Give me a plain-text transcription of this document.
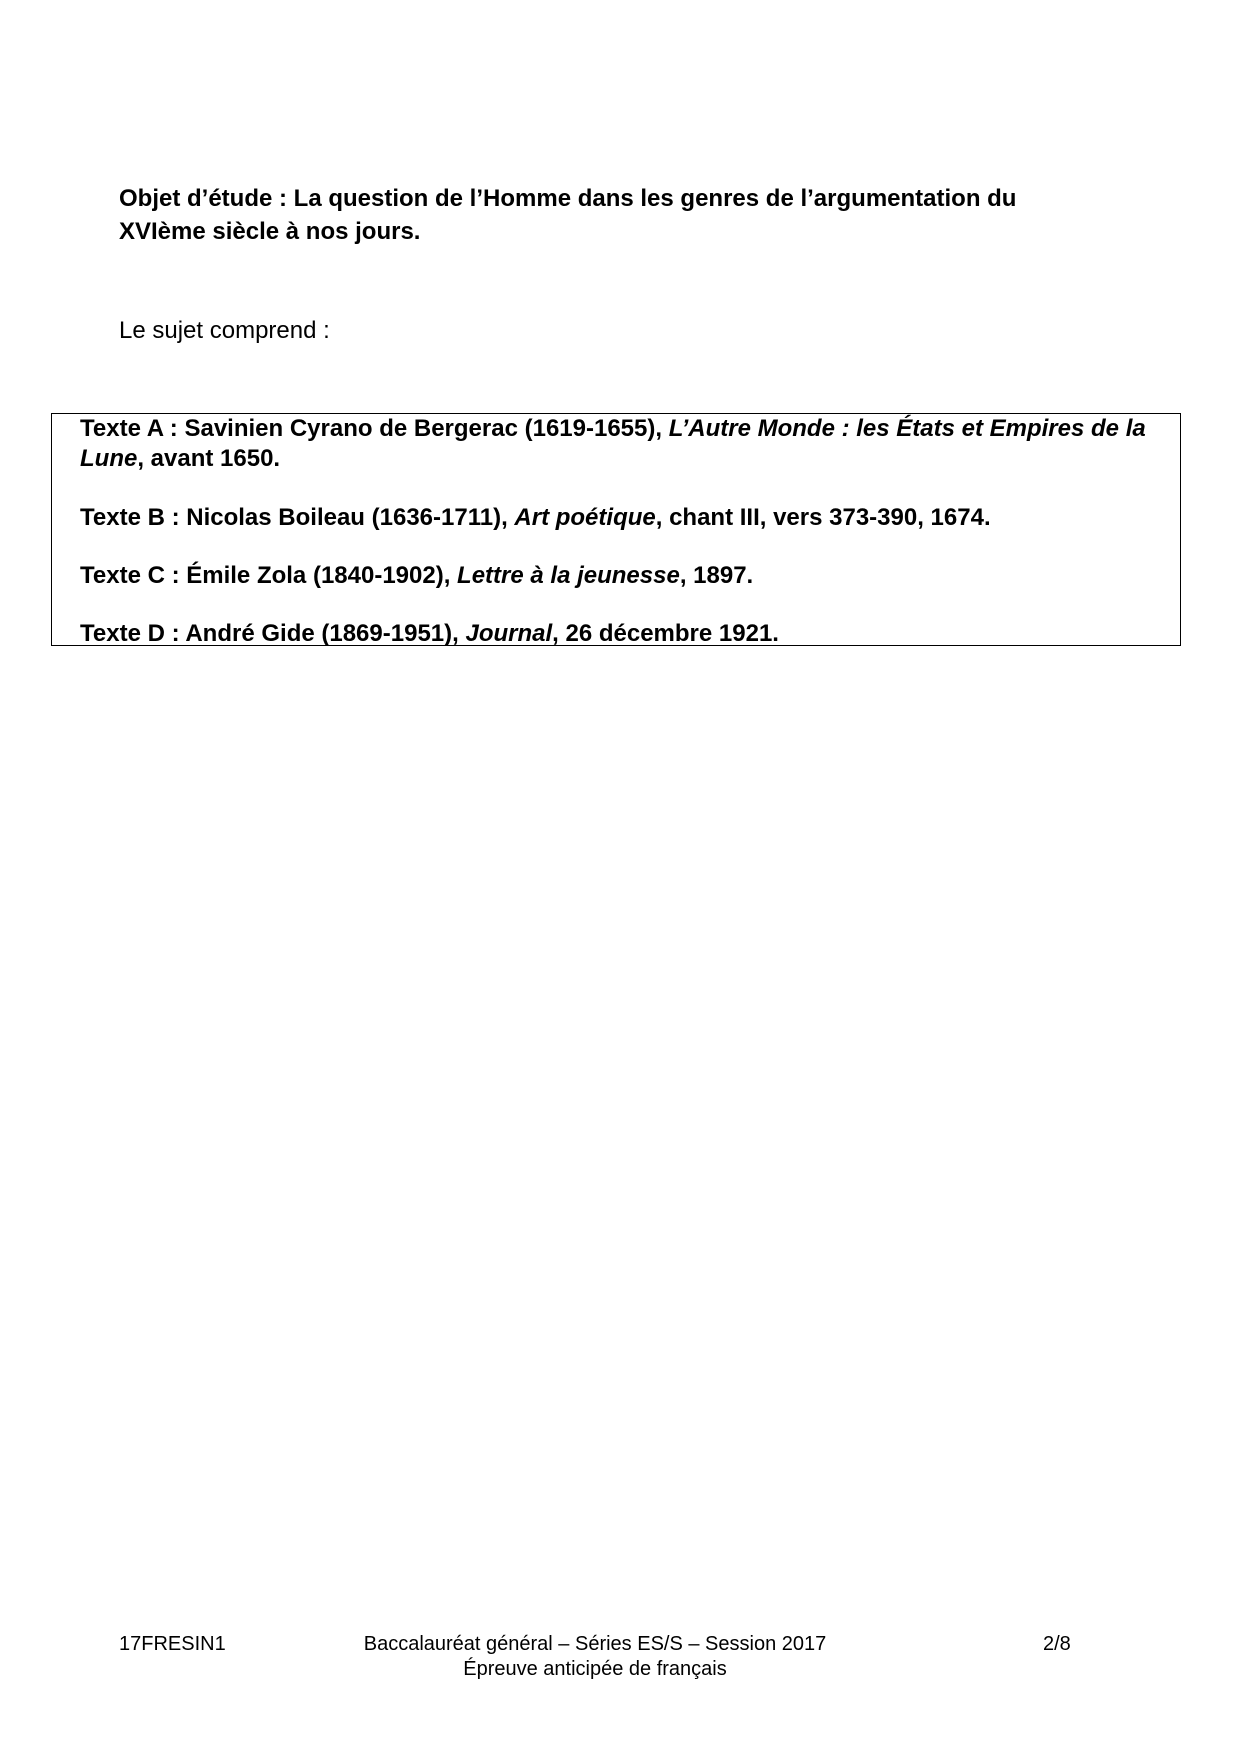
Objet d’étude : La question de l’Homme dans les genres de l’argumentation du XVIème siècle à nos jours.
Le sujet comprend :
Texte A : Savinien Cyrano de Bergerac (1619-1655), L’Autre Monde : les États et Empires de la Lune, avant 1650.
Texte B : Nicolas Boileau (1636-1711), Art poétique, chant III, vers 373-390, 1674.
Texte C : Émile Zola (1840-1902), Lettre à la jeunesse, 1897.
Texte D : André Gide (1869-1951), Journal, 26 décembre 1921.
17FRESIN1	Baccalauréat général – Séries ES/S – Session 2017
Épreuve anticipée de français
2/8
